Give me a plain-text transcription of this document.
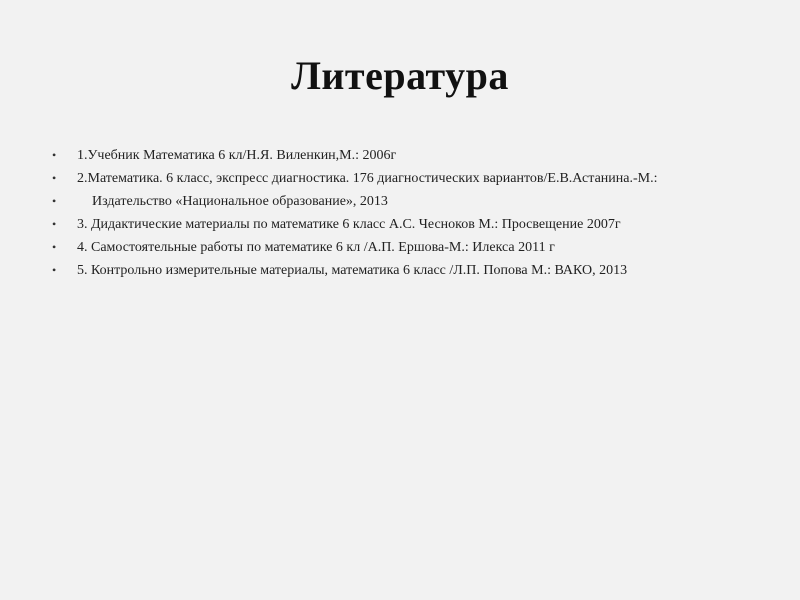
Литература
•	1.Учебник Математика 6 кл/Н.Я. Виленкин,М.: 2006г
•	2.Математика. 6 класс, экспресс диагностика. 176 диагностических вариантов/Е.В.Астанина.-М.:
•	Издательство «Национальное образование», 2013
•	3. Дидактические материалы по математике 6 класс А.С. Чесноков М.: Просвещение 2007г
•	4. Самостоятельные работы по математике 6 кл /А.П. Ершова-М.: Илекса 2011 г
•	5. Контрольно измерительные материалы, математика 6 класс /Л.П. Попова М.: ВАКО, 2013
